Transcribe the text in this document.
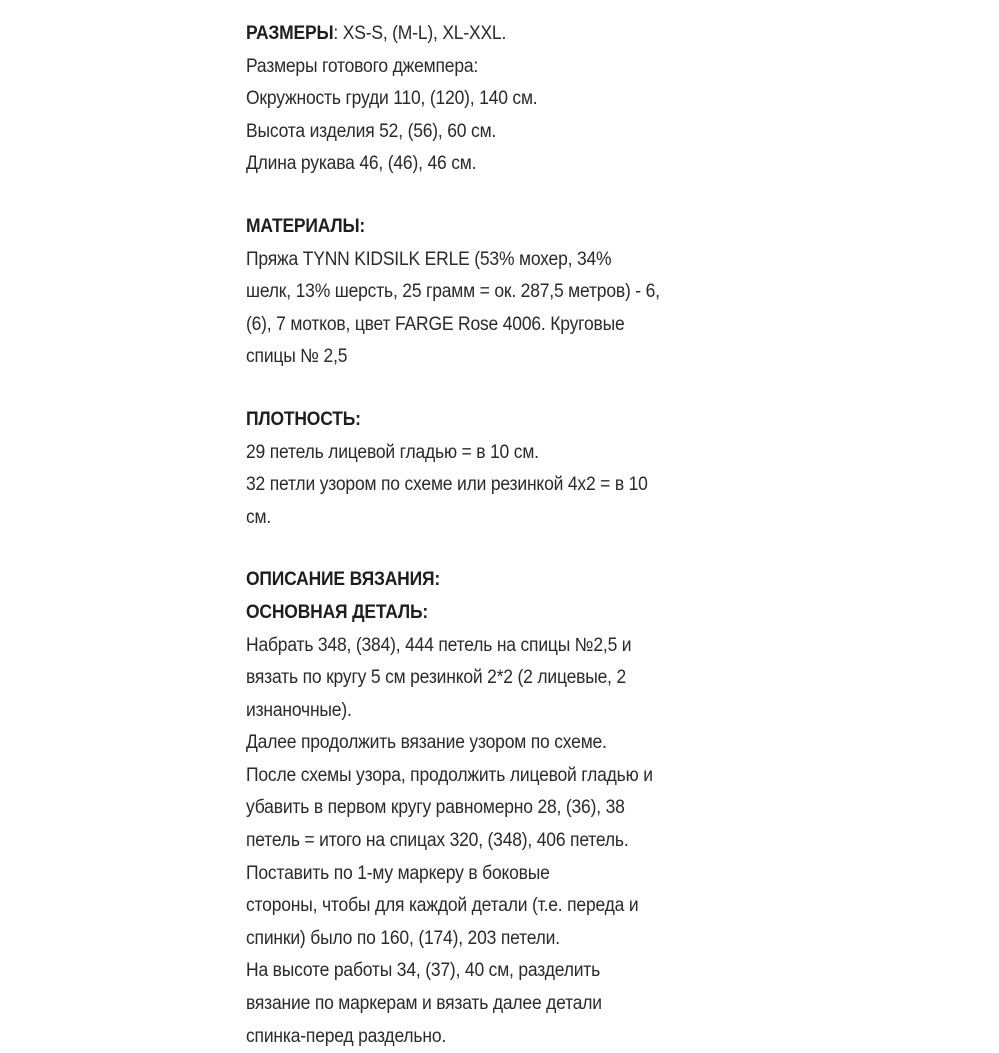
РАЗМЕРЫ: XS-S, (M-L), XL-XXL.
Размеры готового джемпера:
Окружность груди 110, (120), 140 см.
Высота изделия 52, (56), 60 см.
Длина рукава 46, (46), 46 см.
МАТЕРИАЛЫ:
Пряжа TYNN KIDSILK ERLE (53% мохер, 34%
шелк, 13% шерсть, 25 грамм = ок. 287,5 метров) - 6,
(6), 7 мотков, цвет FARGE Rose 4006. Круговые
спицы № 2,5
ПЛОТНОСТЬ:
29 петель лицевой гладью = в 10 см.
32 петли узором по схеме или резинкой 4х2 = в 10
см.
ОПИСАНИЕ ВЯЗАНИЯ:
ОСНОВНАЯ ДЕТАЛЬ:
Набрать 348, (384), 444 петель на спицы №2,5 и
вязать по кругу 5 см резинкой 2*2 (2 лицевые, 2
изнаночные).
Далее продолжить вязание узором по схеме.
После схемы узора, продолжить лицевой гладью и
убавить в первом кругу равномерно 28, (36), 38
петель = итого на спицах 320, (348), 406 петель.
Поставить по 1-му маркеру в боковые
стороны, чтобы для каждой детали (т.е. переда и
спинки) было по 160, (174), 203 петели.
На высоте работы 34, (37), 40 см, разделить
вязание по маркерам и вязать далее детали
спинка-перед раздельно.
